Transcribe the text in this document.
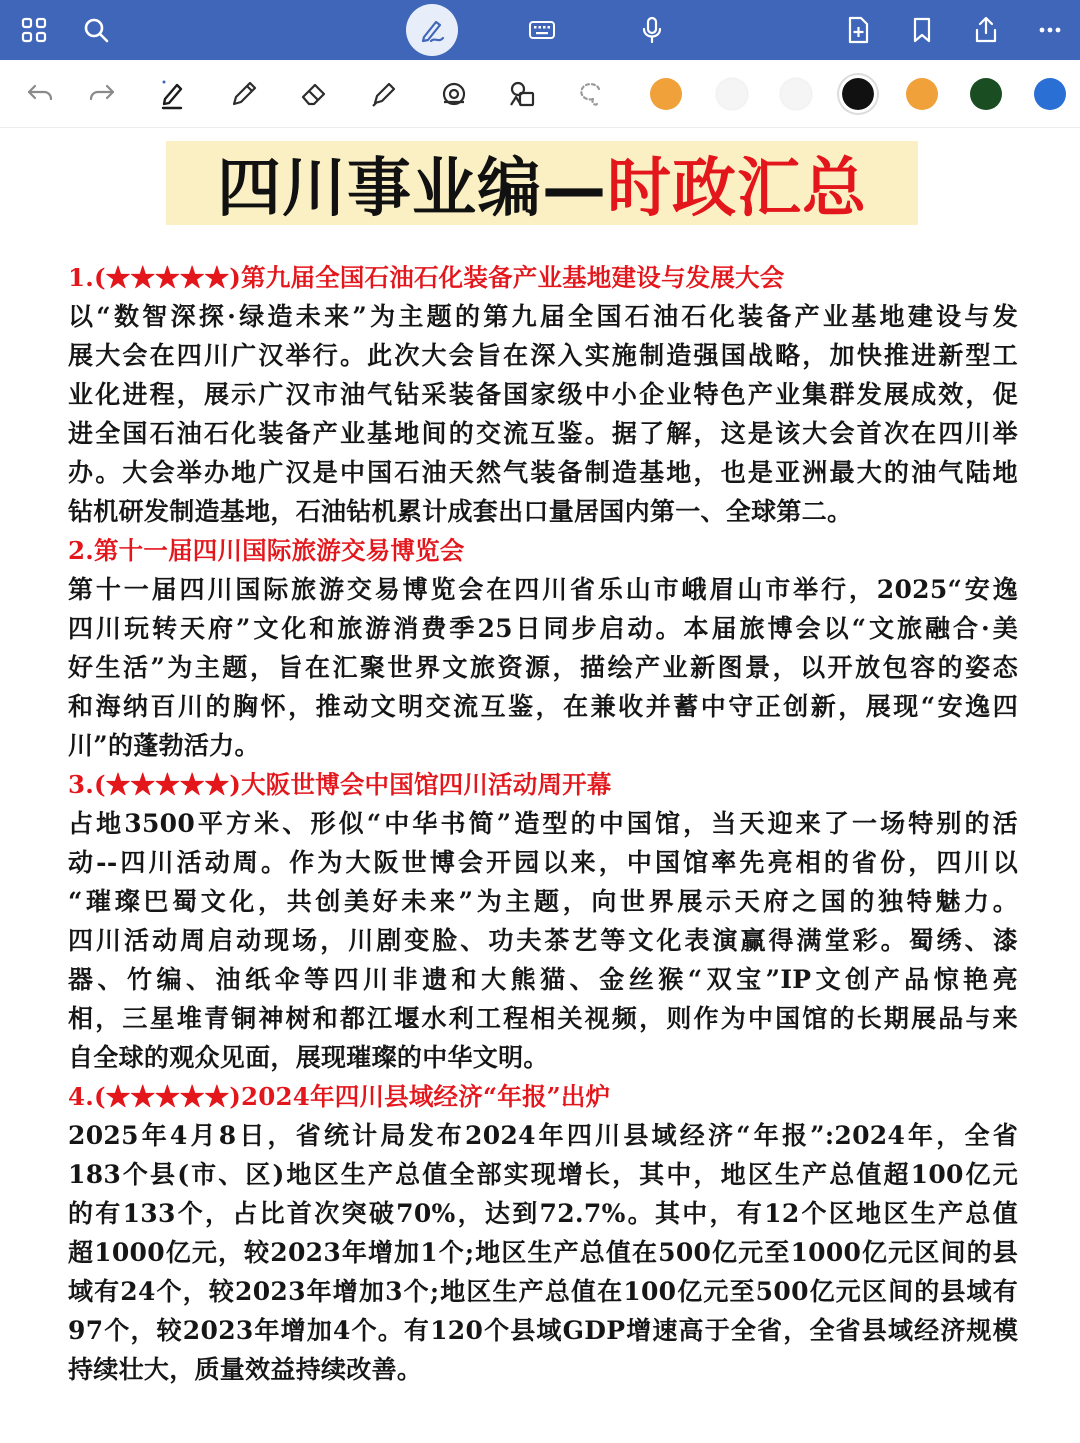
四川事业编— 时政汇总
1.(★★★★★)第九届全国石油石化装备产业基地建设与发展大会
以“数智深探·绿造未来”为主题的第九届全国石油石化装备产业基地建设与发
展大会在四川广汉举行。此次大会旨在深入实施制造强国战略，加快推进新型工
业化进程，展示广汉市油气钻采装备国家级中小企业特色产业集群发展成效，促
进全国石油石化装备产业基地间的交流互鉴。据了解，这是该大会首次在四川举
办。大会举办地广汉是中国石油天然气装备制造基地，也是亚洲最大的油气陆地
钻机研发制造基地，石油钻机累计成套出口量居国内第一、全球第二。
2.第十一届四川国际旅游交易博览会
第十一届四川国际旅游交易博览会在四川省乐山市峨眉山市举行，2025“安逸
四川玩转天府”文化和旅游消费季25日同步启动。本届旅博会以“文旅融合·美
好生活”为主题，旨在汇聚世界文旅资源，描绘产业新图景，以开放包容的姿态
和海纳百川的胸怀，推动文明交流互鉴，在兼收并蓄中守正创新，展现“安逸四
川”的蓬勃活力。
3.(★★★★★)大阪世博会中国馆四川活动周开幕
占地3500平方米、形似“中华书简”造型的中国馆，当天迎来了一场特别的活
动--四川活动周。作为大阪世博会开园以来，中国馆率先亮相的省份，四川以
“璀璨巴蜀文化，共创美好未来”为主题，向世界展示天府之国的独特魅力。
四川活动周启动现场，川剧变脸、功夫茶艺等文化表演赢得满堂彩。蜀绣、漆
器、竹编、油纸伞等四川非遗和大熊猫、金丝猴“双宝”IP文创产品惊艳亮
相，三星堆青铜神树和都江堰水利工程相关视频，则作为中国馆的长期展品与来
自全球的观众见面，展现璀璨的中华文明。
4.(★★★★★)2024年四川县域经济“年报”出炉
2025年4月8日，省统计局发布2024年四川县域经济“年报”:2024年，全省
183个县(市、区)地区生产总值全部实现增长，其中，地区生产总值超100亿元
的有133个，占比首次突破70%，达到72.7%。其中，有12个区地区生产总值
超1000亿元，较2023年增加1个;地区生产总值在500亿元至1000亿元区间的县
域有24个，较2023年增加3个;地区生产总值在100亿元至500亿元区间的县域有
97个，较2023年增加4个。有120个县域GDP增速高于全省，全省县域经济规模
持续壮大，质量效益持续改善。
